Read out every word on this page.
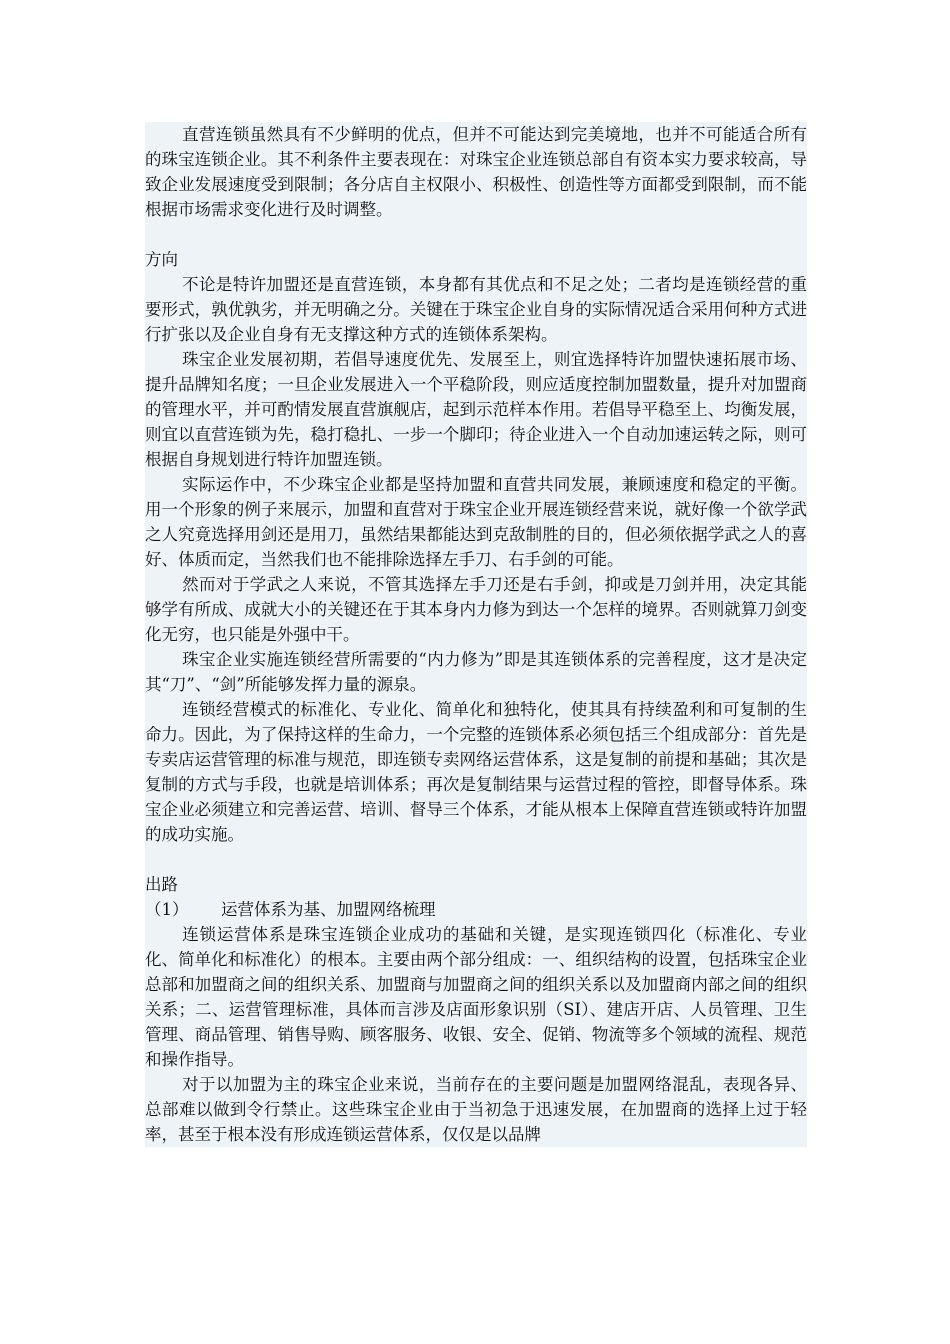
直营连锁虽然具有不少鲜明的优点，但并不可能达到完美境地，也并不可能适合所有的珠宝连锁企业。其不利条件主要表现在：对珠宝企业连锁总部自有资本实力要求较高，导致企业发展速度受到限制；各分店自主权限小、积极性、创造性等方面都受到限制，而不能根据市场需求变化进行及时调整。

方向

不论是特许加盟还是直营连锁，本身都有其优点和不足之处；二者均是连锁经营的重要形式，孰优孰劣，并无明确之分。关键在于珠宝企业自身的实际情况适合采用何种方式进行扩张以及企业自身有无支撑这种方式的连锁体系架构。

珠宝企业发展初期，若倡导速度优先、发展至上，则宜选择特许加盟快速拓展市场、提升品牌知名度；一旦企业发展进入一个平稳阶段，则应适度控制加盟数量，提升对加盟商的管理水平，并可酌情发展直营旗舰店，起到示范样本作用。若倡导平稳至上、均衡发展，则宜以直营连锁为先，稳打稳扎、一步一个脚印；待企业进入一个自动加速运转之际，则可根据自身规划进行特许加盟连锁。

实际运作中，不少珠宝企业都是坚持加盟和直营共同发展，兼顾速度和稳定的平衡。用一个形象的例子来展示，加盟和直营对于珠宝企业开展连锁经营来说，就好像一个欲学武之人究竟选择用剑还是用刀，虽然结果都能达到克敌制胜的目的，但必须依据学武之人的喜好、体质而定，当然我们也不能排除选择左手刀、右手剑的可能。

然而对于学武之人来说，不管其选择左手刀还是右手剑，抑或是刀剑并用，决定其能够学有所成、成就大小的关键还在于其本身内力修为到达一个怎样的境界。否则就算刀剑变化无穷，也只能是外强中干。

珠宝企业实施连锁经营所需要的“内力修为”即是其连锁体系的完善程度，这才是决定其“刀”、“剑”所能够发挥力量的源泉。

连锁经营模式的标准化、专业化、简单化和独特化，使其具有持续盈利和可复制的生命力。因此，为了保持这样的生命力，一个完整的连锁体系必须包括三个组成部分：首先是专卖店运营管理的标准与规范，即连锁专卖网络运营体系，这是复制的前提和基础；其次是复制的方式与手段，也就是培训体系；再次是复制结果与运营过程的管控，即督导体系。珠宝企业必须建立和完善运营、培训、督导三个体系，才能从根本上保障直营连锁或特许加盟的成功实施。

出路

（1） 运营体系为基、加盟网络梳理

连锁运营体系是珠宝连锁企业成功的基础和关键，是实现连锁四化（标准化、专业化、简单化和标准化）的根本。主要由两个部分组成：一、组织结构的设置，包括珠宝企业总部和加盟商之间的组织关系、加盟商与加盟商之间的组织关系以及加盟商内部之间的组织关系；二、运营管理标准，具体而言涉及店面形象识别（SI）、建店开店、人员管理、卫生管理、商品管理、销售导购、顾客服务、收银、安全、促销、物流等多个领域的流程、规范和操作指导。

对于以加盟为主的珠宝企业来说，当前存在的主要问题是加盟网络混乱，表现各异、总部难以做到令行禁止。这些珠宝企业由于当初急于迅速发展，在加盟商的选择上过于轻率，甚至于根本没有形成连锁运营体系，仅仅是以品牌
